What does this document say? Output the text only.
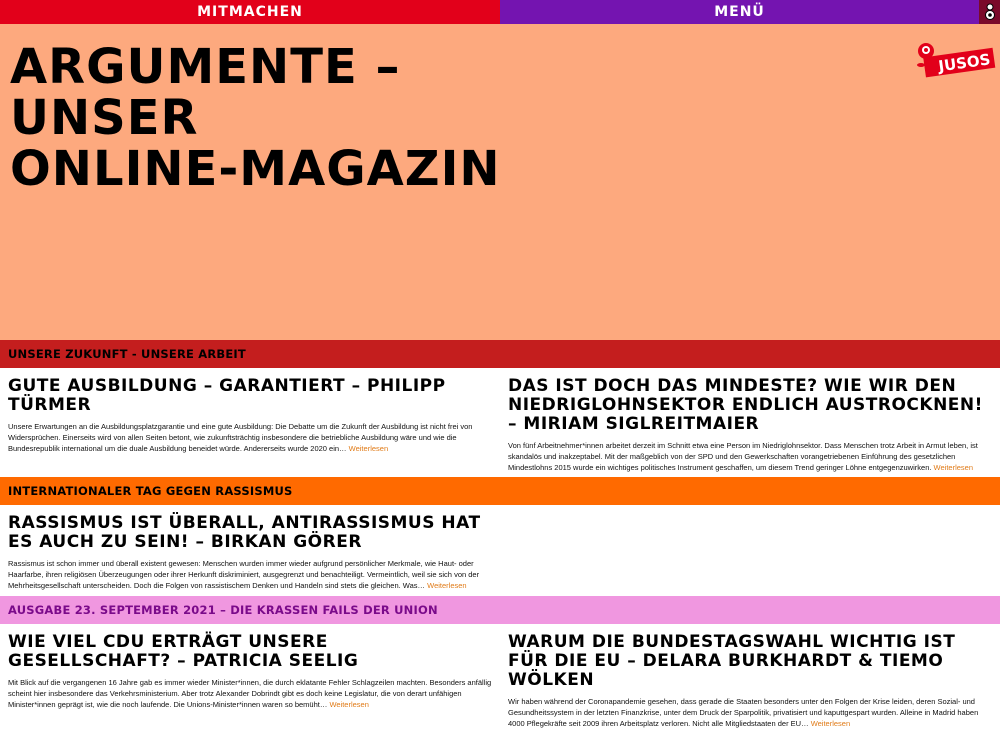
MITMACHEN	MENÜ
ARGUMENTE –
UNSER
ONLINE-MAGAZIN
JUSOS
UNSERE ZUKUNFT - UNSERE ARBEIT
GUTE AUSBILDUNG – GARANTIERT – PHILIPP TÜRMER

Unsere Erwartungen an die Ausbildungsplatzgarantie und eine gute Ausbildung: Die Debatte um die Zukunft der Ausbildung ist nicht frei von Widersprüchen. Einerseits wird von allen Seiten betont, wie zukunftsträchtig insbesondere die betriebliche Ausbildung wäre und wie die Bundesrepublik international um die duale Ausbildung beneidet würde. Andererseits wurde 2020 ein… Weiterlesen

DAS IST DOCH DAS MINDESTE? WIE WIR DEN NIEDRIGLOHNSEKTOR ENDLICH AUSTROCKNEN! – MIRIAM SIGLREITMAIER

Von fünf Arbeitnehmer*innen arbeitet derzeit im Schnitt etwa eine Person im Niedriglohnsektor. Dass Menschen trotz Arbeit in Armut leben, ist skandalös und inakzeptabel. Mit der maßgeblich von der SPD und den Gewerkschaften vorangetriebenen Einführung des gesetzlichen Mindestlohns 2015 wurde ein wichtiges politisches Instrument geschaffen, um diesem Trend geringer Löhne entgegenzuwirken. Weiterlesen

INTERNATIONALER TAG GEGEN RASSISMUS
RASSISMUS IST ÜBERALL, ANTIRASSISMUS HAT ES AUCH ZU SEIN! – BIRKAN GÖRER

Rassismus ist schon immer und überall existent gewesen: Menschen wurden immer wieder aufgrund persönlicher Merkmale, wie Haut- oder Haarfarbe, ihren religiösen Überzeugungen oder ihrer Herkunft diskriminiert, ausgegrenzt und benachteiligt. Vermeintlich, weil sie sich von der Mehrheitsgesellschaft unterscheiden. Doch die Folgen von rassistischem Denken und Handeln sind stets die gleichen. Was… Weiterlesen

AUSGABE 23. SEPTEMBER 2021 – DIE KRASSEN FAILS DER UNION
WIE VIEL CDU ERTRÄGT UNSERE GESELLSCHAFT? – PATRICIA SEELIG

Mit Blick auf die vergangenen 16 Jahre gab es immer wieder Minister*innen, die durch eklatante Fehler Schlagzeilen machten. Besonders anfällig scheint hier insbesondere das Verkehrsministerium. Aber trotz Alexander Dobrindt gibt es doch keine Legislatur, die von derart unfähigen Minister*innen geprägt ist, wie die noch laufende. Die Unions-Minister*innen waren so bemüht… Weiterlesen

WARUM DIE BUNDESTAGSWAHL WICHTIG IST FÜR DIE EU – DELARA BURKHARDT & TIEMO WÖLKEN

Wir haben während der Coronapandemie gesehen, dass gerade die Staaten besonders unter den Folgen der Krise leiden, deren Sozial- und Gesundheitssystem in der letzten Finanzkrise, unter dem Druck der Sparpolitik, privatisiert und kaputtgespart wurden. Alleine in Madrid haben 4000 Pflegekräfte seit 2009 ihren Arbeitsplatz verloren. Nicht alle Mitgliedstaaten der EU… Weiterlesen
